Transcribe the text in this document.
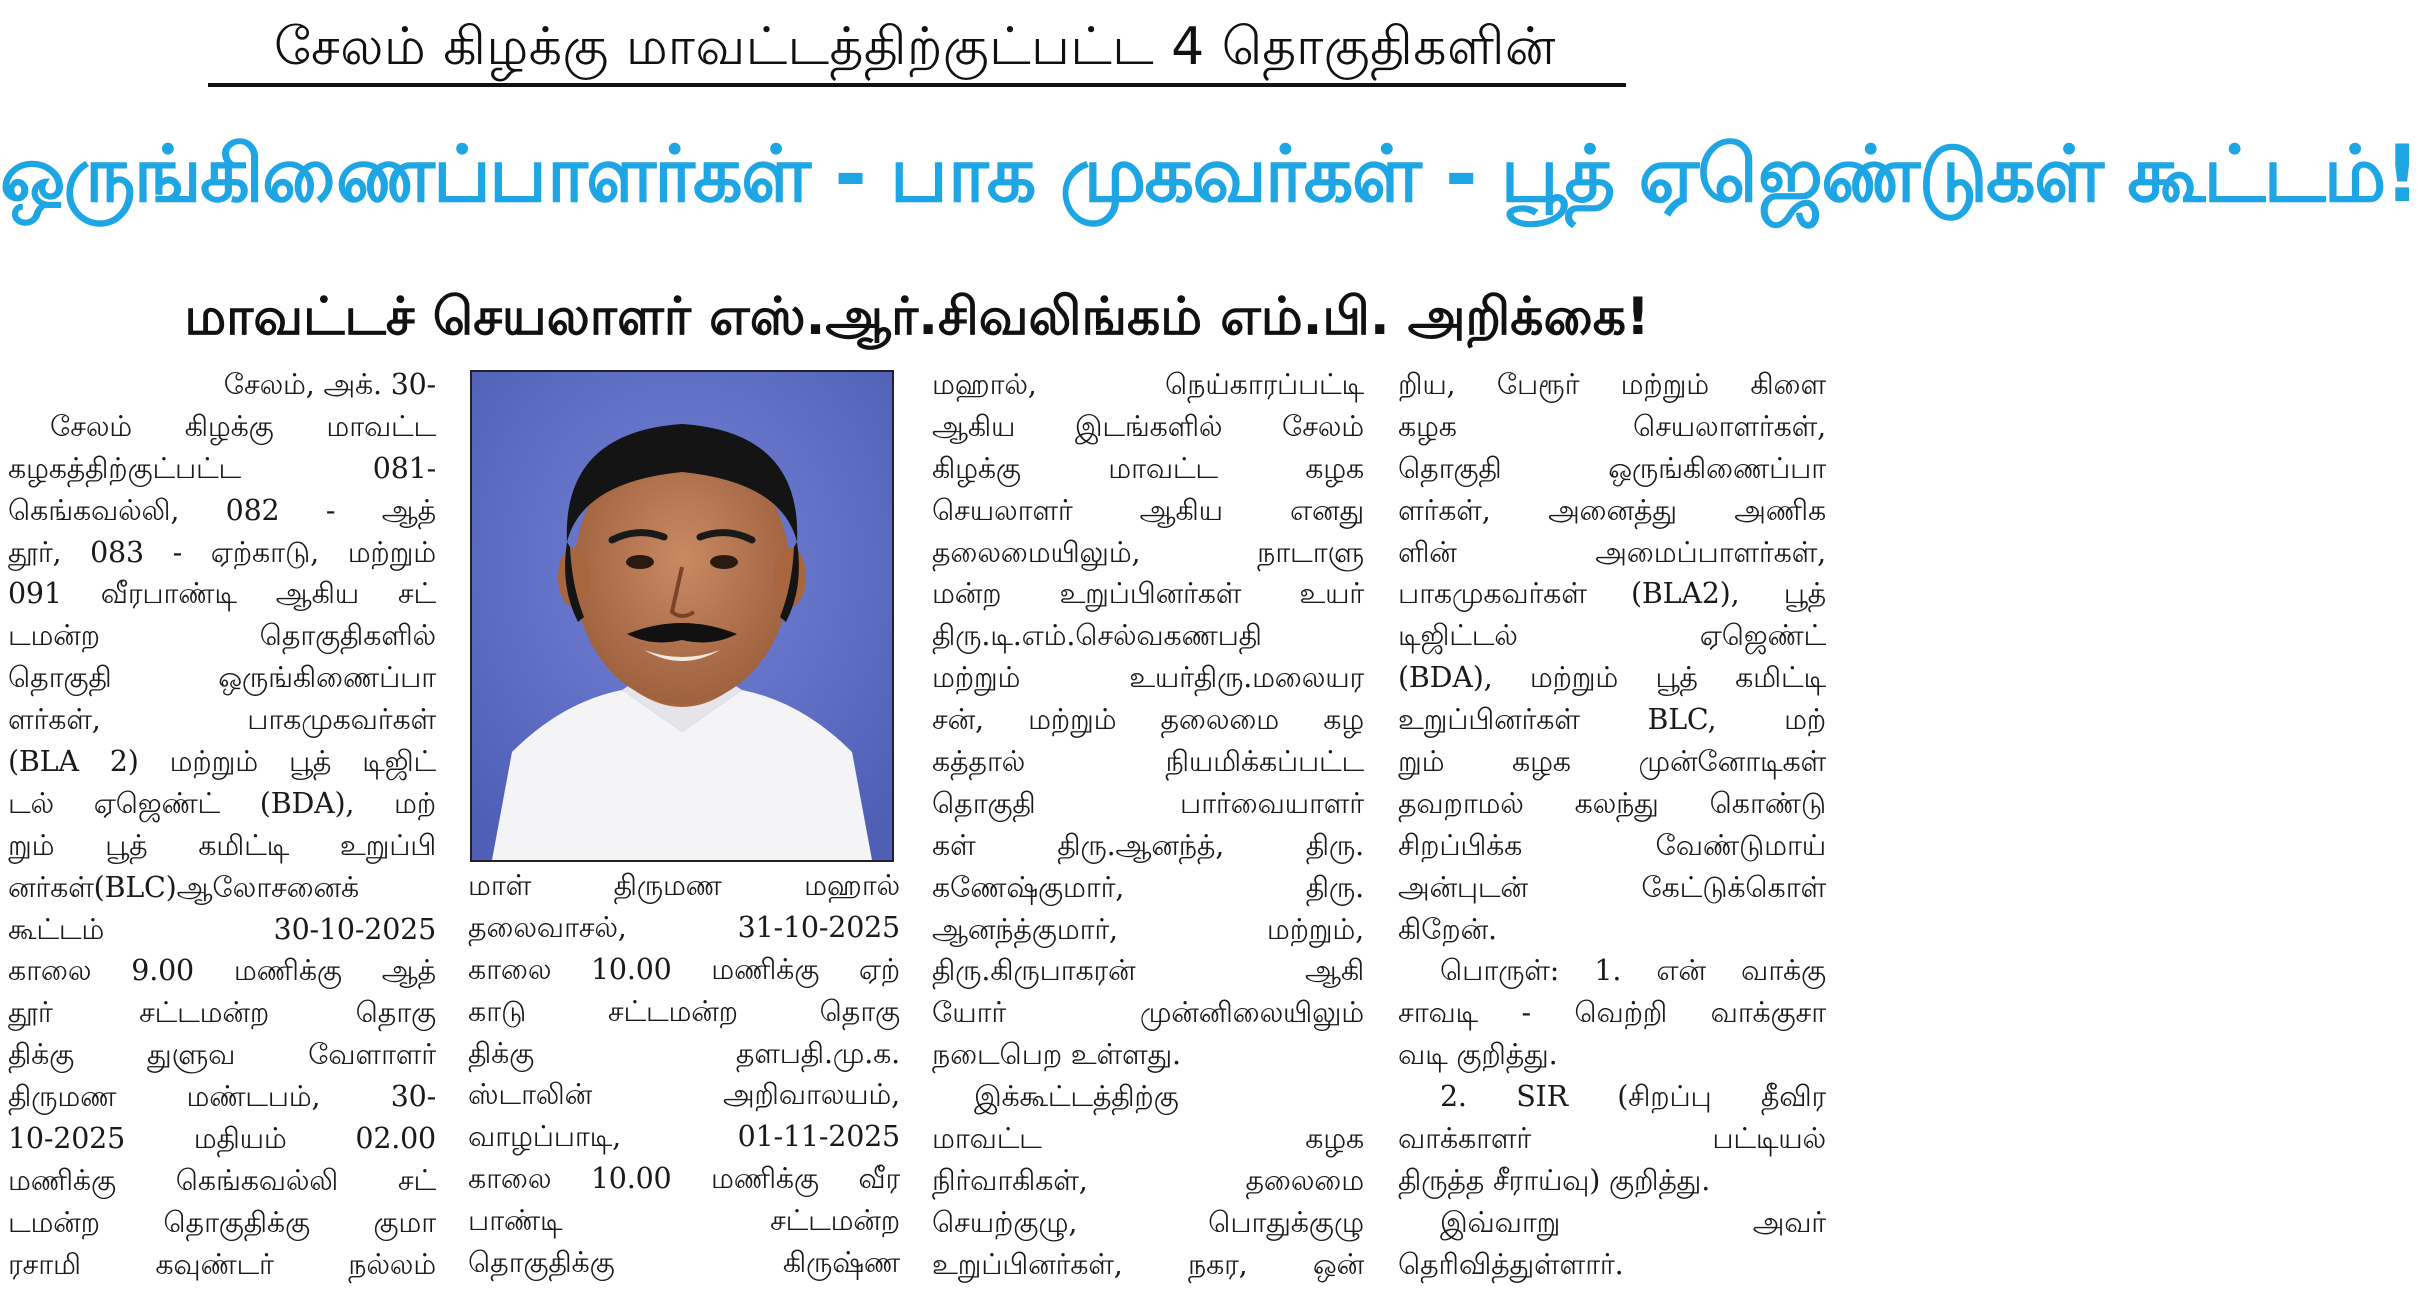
சேலம் கிழக்கு மாவட்டத்திற்குட்பட்ட 4 தொகுதிகளின்
ஒருங்கிணைப்பாளர்கள் - பாக முகவர்கள் - பூத் ஏஜெண்டுகள் கூட்டம்!
மாவட்டச் செயலாளர் எஸ்.ஆர்.சிவலிங்கம் எம்.பி. அறிக்கை!
சேலம், அக். 30-
சேலம் கிழக்கு மாவட்ட
கழகத்திற்குட்பட்ட 081-
கெங்கவல்லி, 082 - ஆத்
தூர், 083 - ஏற்காடு, மற்றும்
091 வீரபாண்டி ஆகிய சட்
டமன்ற தொகுதிகளில்
தொகுதி ஒருங்கிணைப்பா
ளர்கள், பாகமுகவர்கள்
(BLA 2) மற்றும் பூத் டிஜிட்
டல் ஏஜெண்ட் (BDA), மற்
றும் பூத் கமிட்டி உறுப்பி
னர்கள்(BLC)ஆலோசனைக்
கூட்டம் 30-10-2025
காலை 9.00 மணிக்கு ஆத்
தூர் சட்டமன்ற தொகு
திக்கு துளுவ வேளாளர்
திருமண மண்டபம், 30-
10-2025 மதியம் 02.00
மணிக்கு கெங்கவல்லி சட்
டமன்ற தொகுதிக்கு குமா
ரசாமி கவுண்டர் நல்லம்
மாள் திருமண மஹால்
தலைவாசல், 31-10-2025
காலை 10.00 மணிக்கு ஏற்
காடு சட்டமன்ற தொகு
திக்கு தளபதி.மு.க.
ஸ்டாலின் அறிவாலயம்,
வாழப்பாடி, 01-11-2025
காலை 10.00 மணிக்கு வீர
பாண்டி சட்டமன்ற
தொகுதிக்கு கிருஷ்ண
மஹால், நெய்காரப்பட்டி
ஆகிய இடங்களில் சேலம்
கிழக்கு மாவட்ட கழக
செயலாளர் ஆகிய எனது
தலைமையிலும், நாடாளு
மன்ற உறுப்பினர்கள் உயர்
திரு.டி.எம்.செல்வகணபதி
மற்றும் உயர்திரு.மலையர
சன், மற்றும் தலைமை கழ
கத்தால் நியமிக்கப்பட்ட
தொகுதி பார்வையாளர்
கள் திரு.ஆனந்த், திரு.
கணேஷ்குமார், திரு.
ஆனந்த்குமார், மற்றும்,
திரு.கிருபாகரன் ஆகி
யோர் முன்னிலையிலும்
நடைபெற உள்ளது.
இக்கூட்டத்திற்கு
மாவட்ட கழக
நிர்வாகிகள், தலைமை
செயற்குழு, பொதுக்குழு
உறுப்பினர்கள், நகர, ஒன்
றிய, பேரூர் மற்றும் கிளை
கழக செயலாளர்கள்,
தொகுதி ஒருங்கிணைப்பா
ளர்கள், அனைத்து அணிக
ளின் அமைப்பாளர்கள்,
பாகமுகவர்கள் (BLA2), பூத்
டிஜிட்டல் ஏஜெண்ட்
(BDA), மற்றும் பூத் கமிட்டி
உறுப்பினர்கள் BLC, மற்
றும் கழக முன்னோடிகள்
தவறாமல் கலந்து கொண்டு
சிறப்பிக்க வேண்டுமாய்
அன்புடன் கேட்டுக்கொள்
கிறேன்.
பொருள்: 1. என் வாக்கு
சாவடி - வெற்றி வாக்குசா
வடி குறித்து.
2. SIR (சிறப்பு தீவிர
வாக்காளர் பட்டியல்
திருத்த சீராய்வு) குறித்து.
இவ்வாறு அவர்
தெரிவித்துள்ளார்.
